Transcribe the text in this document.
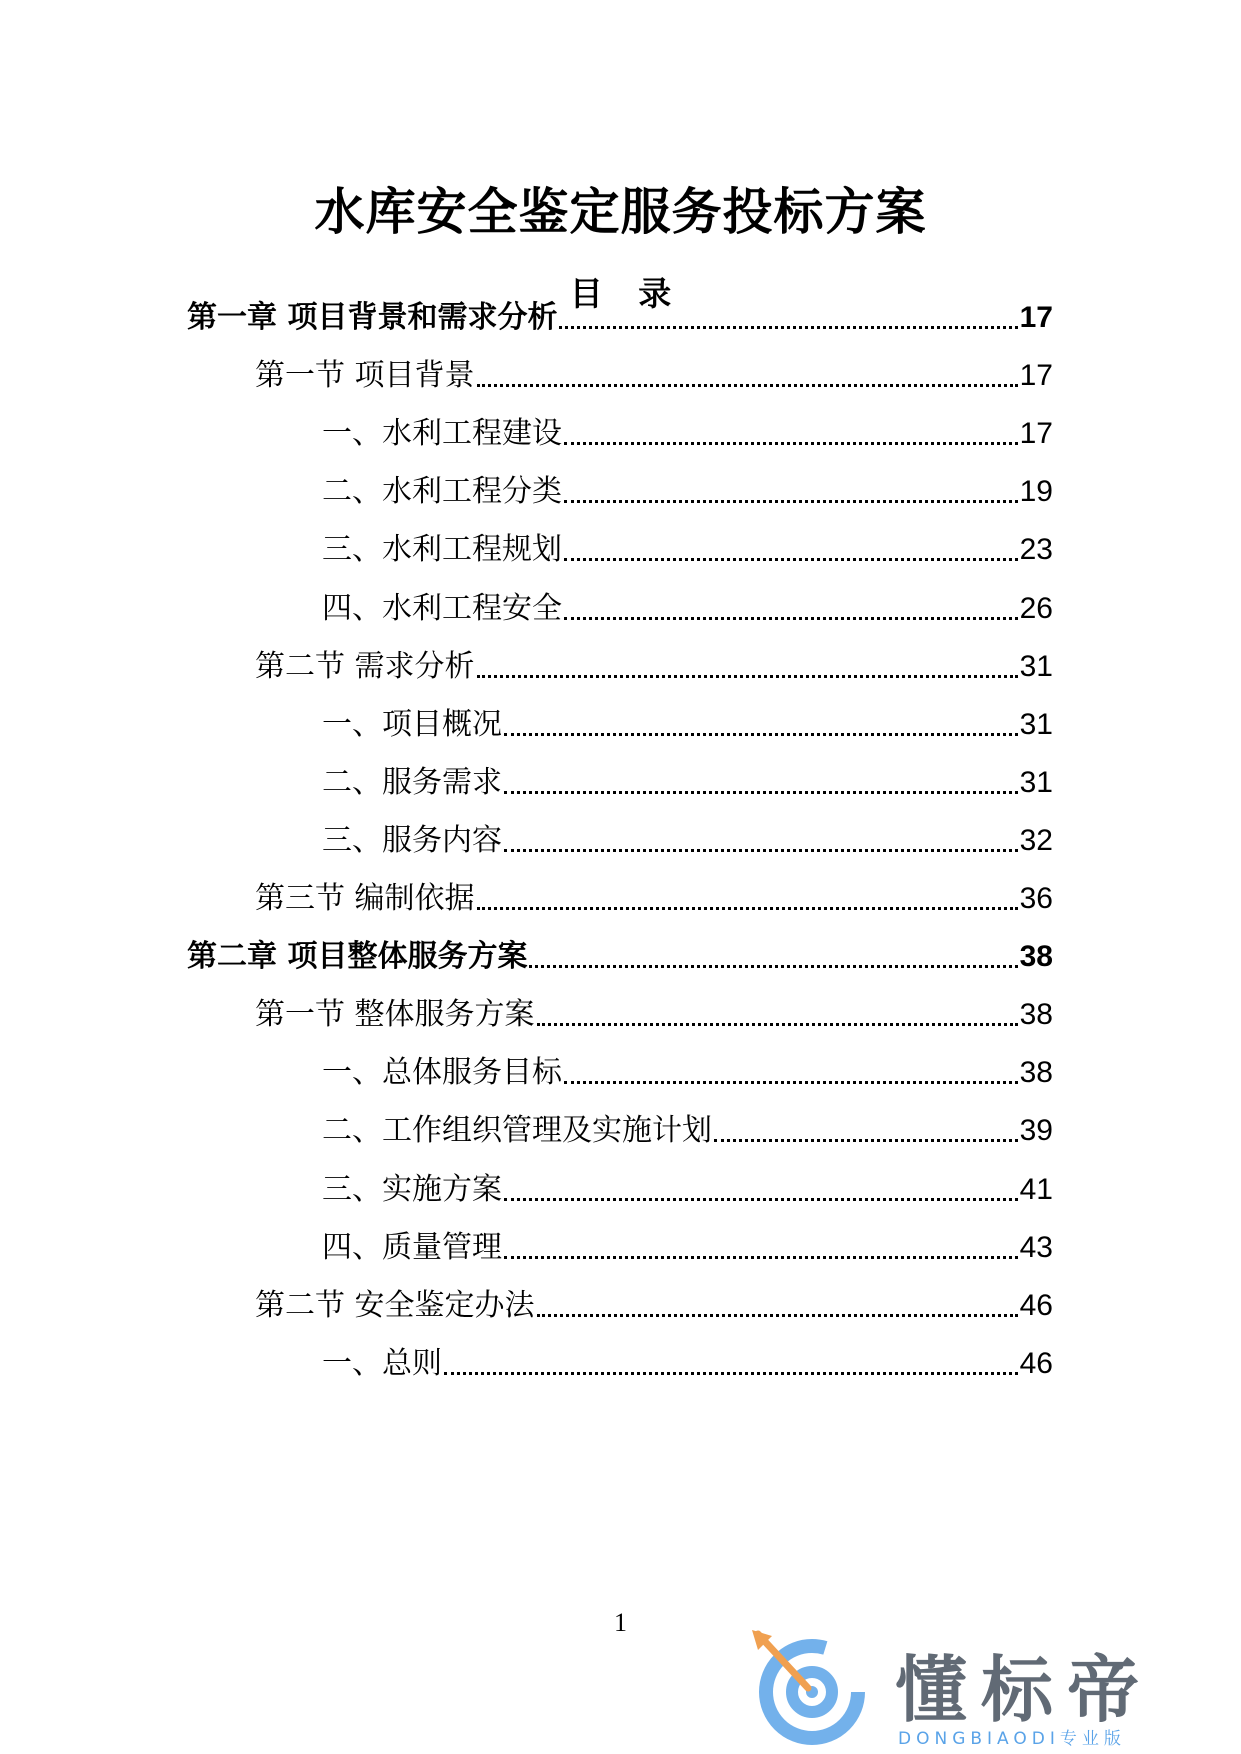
水库安全鉴定服务投标方案
目 录
第一章 项目背景和需求分析	17
第一节 项目背景	17
一、水利工程建设	17
二、水利工程分类	19
三、水利工程规划	23
四、水利工程安全	26
第二节 需求分析	31
一、项目概况	31
二、服务需求	31
三、服务内容	32
第三节 编制依据	36
第二章 项目整体服务方案	38
第一节 整体服务方案	38
一、总体服务目标	38
二、工作组织管理及实施计划	39
三、实施方案	41
四、质量管理	43
第二节 安全鉴定办法	46
一、总则	46
1
懂标帝
DONGBIAODI专业版
